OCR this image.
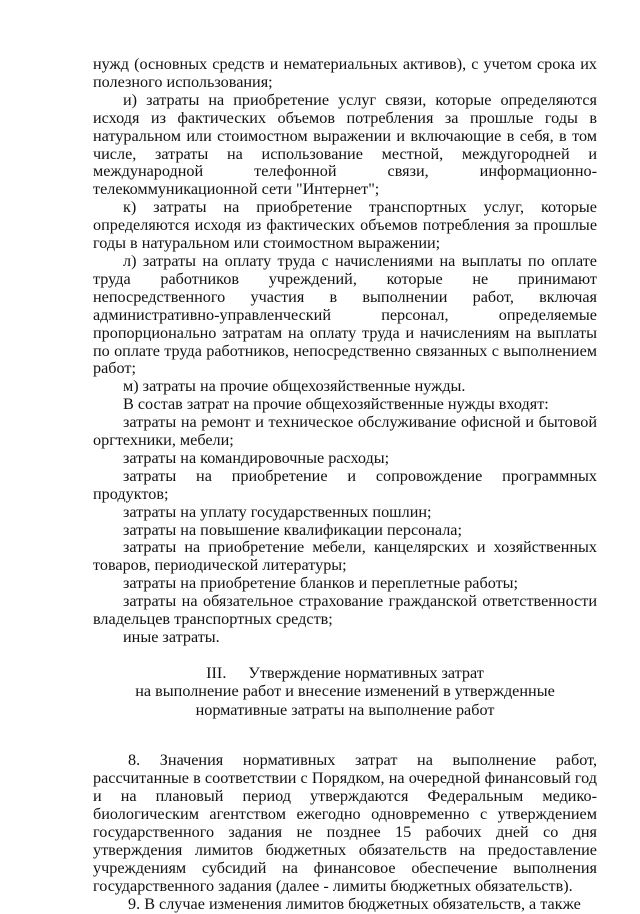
нужд (основных средств и нематериальных активов), с учетом срока их полезного использования;

и) затраты на приобретение услуг связи, которые определяются исходя из фактических объемов потребления за прошлые годы в натуральном или стоимостном выражении и включающие в себя, в том числе, затраты на использование местной, междугородней и международной телефонной связи, информационно-телекоммуникационной сети "Интернет";

к) затраты на приобретение транспортных услуг, которые определяются исходя из фактических объемов потребления за прошлые годы в натуральном или стоимостном выражении;

л) затраты на оплату труда с начислениями на выплаты по оплате труда работников учреждений, которые не принимают непосредственного участия в выполнении работ, включая административно-управленческий персонал, определяемые пропорционально затратам на оплату труда и начислениям на выплаты по оплате труда работников, непосредственно связанных с выполнением работ;

м) затраты на прочие общехозяйственные нужды.

В состав затрат на прочие общехозяйственные нужды входят:

затраты на ремонт и техническое обслуживание офисной и бытовой оргтехники, мебели;

затраты на командировочные расходы;

затраты на приобретение и сопровождение программных продуктов;

затраты на уплату государственных пошлин;

затраты на повышение квалификации персонала;

затраты на приобретение мебели, канцелярских и хозяйственных товаров, периодической литературы;

затраты на приобретение бланков и переплетные работы;

затраты на обязательное страхование гражданской ответственности владельцев транспортных средств;

иные затраты.

III. Утверждение нормативных затрат
на выполнение работ и внесение изменений в утвержденные
нормативные затраты на выполнение работ

8. Значения нормативных затрат на выполнение работ, рассчитанные в соответствии с Порядком, на очередной финансовый год и на плановый период утверждаются Федеральным медико-биологическим агентством ежегодно одновременно с утверждением государственного задания не позднее 15 рабочих дней со дня утверждения лимитов бюджетных обязательств на предоставление учреждениям субсидий на финансовое обеспечение выполнения государственного задания (далее - лимиты бюджетных обязательств).

9. В случае изменения лимитов бюджетных обязательств, а также
